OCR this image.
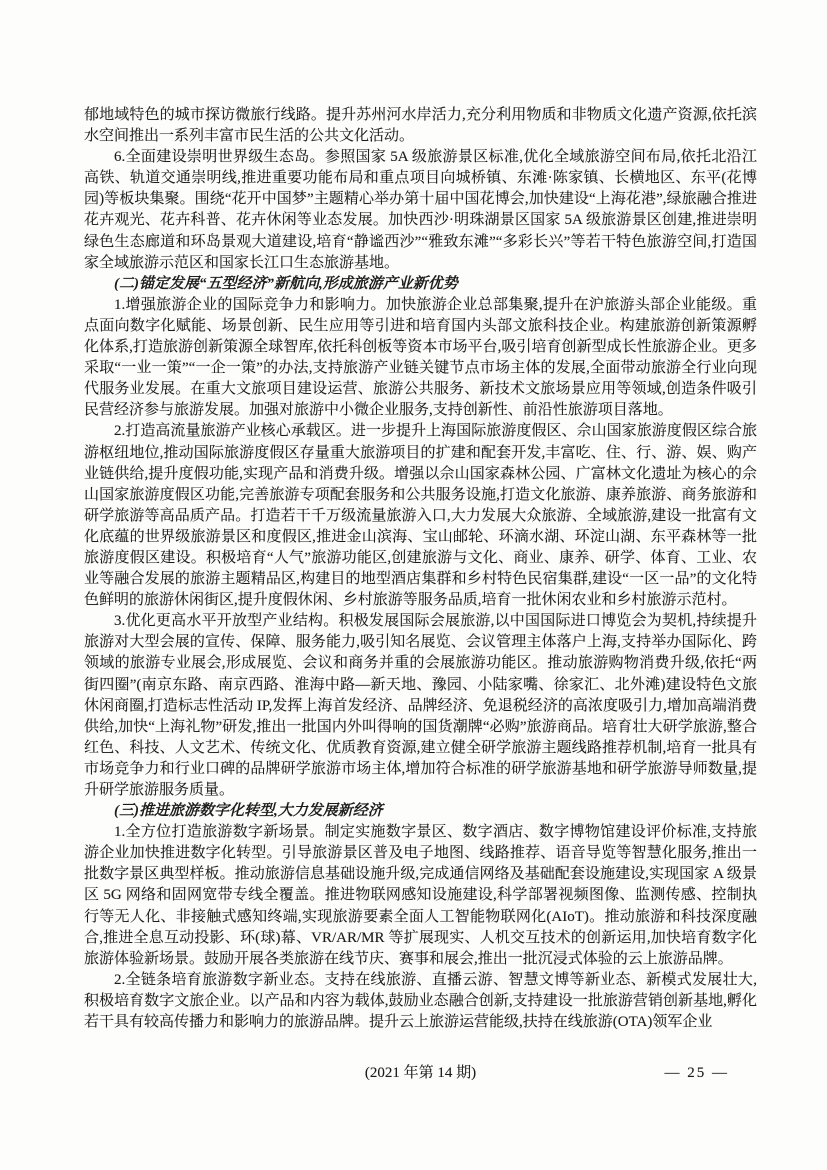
郁地域特色的城市探访微旅行线路。提升苏州河水岸活力,充分利用物质和非物质文化遗产资源,依托滨水空间推出一系列丰富市民生活的公共文化活动。

6.全面建设崇明世界级生态岛。参照国家 5A 级旅游景区标准,优化全域旅游空间布局,依托北沿江高铁、轨道交通崇明线,推进重要功能布局和重点项目向城桥镇、东滩·陈家镇、长横地区、东平(花博园)等板块集聚。围绕“花开中国梦”主题精心举办第十届中国花博会,加快建设“上海花港”,绿旅融合推进花卉观光、花卉科普、花卉休闲等业态发展。加快西沙·明珠湖景区国家 5A 级旅游景区创建,推进崇明绿色生态廊道和环岛景观大道建设,培育“静谧西沙”“雅致东滩”“多彩长兴”等若干特色旅游空间,打造国家全域旅游示范区和国家长江口生态旅游基地。

(二)锚定发展“五型经济”新航向,形成旅游产业新优势

1.增强旅游企业的国际竞争力和影响力。加快旅游企业总部集聚,提升在沪旅游头部企业能级。重点面向数字化赋能、场景创新、民生应用等引进和培育国内头部文旅科技企业。构建旅游创新策源孵化体系,打造旅游创新策源全球智库,依托科创板等资本市场平台,吸引培育创新型成长性旅游企业。更多采取“一业一策”“一企一策”的办法,支持旅游产业链关键节点市场主体的发展,全面带动旅游全行业向现代服务业发展。在重大文旅项目建设运营、旅游公共服务、新技术文旅场景应用等领域,创造条件吸引民营经济参与旅游发展。加强对旅游中小微企业服务,支持创新性、前沿性旅游项目落地。

2.打造高流量旅游产业核心承载区。进一步提升上海国际旅游度假区、佘山国家旅游度假区综合旅游枢纽地位,推动国际旅游度假区存量重大旅游项目的扩建和配套开发,丰富吃、住、行、游、娱、购产业链供给,提升度假功能,实现产品和消费升级。增强以佘山国家森林公园、广富林文化遗址为核心的佘山国家旅游度假区功能,完善旅游专项配套服务和公共服务设施,打造文化旅游、康养旅游、商务旅游和研学旅游等高品质产品。打造若干千万级流量旅游入口,大力发展大众旅游、全域旅游,建设一批富有文化底蕴的世界级旅游景区和度假区,推进金山滨海、宝山邮轮、环滴水湖、环淀山湖、东平森林等一批旅游度假区建设。积极培育“人气”旅游功能区,创建旅游与文化、商业、康养、研学、体育、工业、农业等融合发展的旅游主题精品区,构建目的地型酒店集群和乡村特色民宿集群,建设“一区一品”的文化特色鲜明的旅游休闲街区,提升度假休闲、乡村旅游等服务品质,培育一批休闲农业和乡村旅游示范村。

3.优化更高水平开放型产业结构。积极发展国际会展旅游,以中国国际进口博览会为契机,持续提升旅游对大型会展的宣传、保障、服务能力,吸引知名展览、会议管理主体落户上海,支持举办国际化、跨领域的旅游专业展会,形成展览、会议和商务并重的会展旅游功能区。推动旅游购物消费升级,依托“两街四圈”(南京东路、南京西路、淮海中路—新天地、豫园、小陆家嘴、徐家汇、北外滩)建设特色文旅休闲商圈,打造标志性活动 IP,发挥上海首发经济、品牌经济、免退税经济的高浓度吸引力,增加高端消费供给,加快“上海礼物”研发,推出一批国内外叫得响的国货潮牌“必购”旅游商品。培育壮大研学旅游,整合红色、科技、人文艺术、传统文化、优质教育资源,建立健全研学旅游主题线路推荐机制,培育一批具有市场竞争力和行业口碑的品牌研学旅游市场主体,增加符合标准的研学旅游基地和研学旅游导师数量,提升研学旅游服务质量。

(三)推进旅游数字化转型,大力发展新经济

1.全方位打造旅游数字新场景。制定实施数字景区、数字酒店、数字博物馆建设评价标准,支持旅游企业加快推进数字化转型。引导旅游景区普及电子地图、线路推荐、语音导览等智慧化服务,推出一批数字景区典型样板。推动旅游信息基础设施升级,完成通信网络及基础配套设施建设,实现国家 A 级景区 5G 网络和固网宽带专线全覆盖。推进物联网感知设施建设,科学部署视频图像、监测传感、控制执行等无人化、非接触式感知终端,实现旅游要素全面人工智能物联网化(AIoT)。推动旅游和科技深度融合,推进全息互动投影、环(球)幕、VR/AR/MR 等扩展现实、人机交互技术的创新运用,加快培育数字化旅游体验新场景。鼓励开展各类旅游在线节庆、赛事和展会,推出一批沉浸式体验的云上旅游品牌。

2.全链条培育旅游数字新业态。支持在线旅游、直播云游、智慧文博等新业态、新模式发展壮大,积极培育数字文旅企业。以产品和内容为载体,鼓励业态融合创新,支持建设一批旅游营销创新基地,孵化若干具有较高传播力和影响力的旅游品牌。提升云上旅游运营能级,扶持在线旅游(OTA)领军企业

(2021 年第 14 期)	— 25 —
